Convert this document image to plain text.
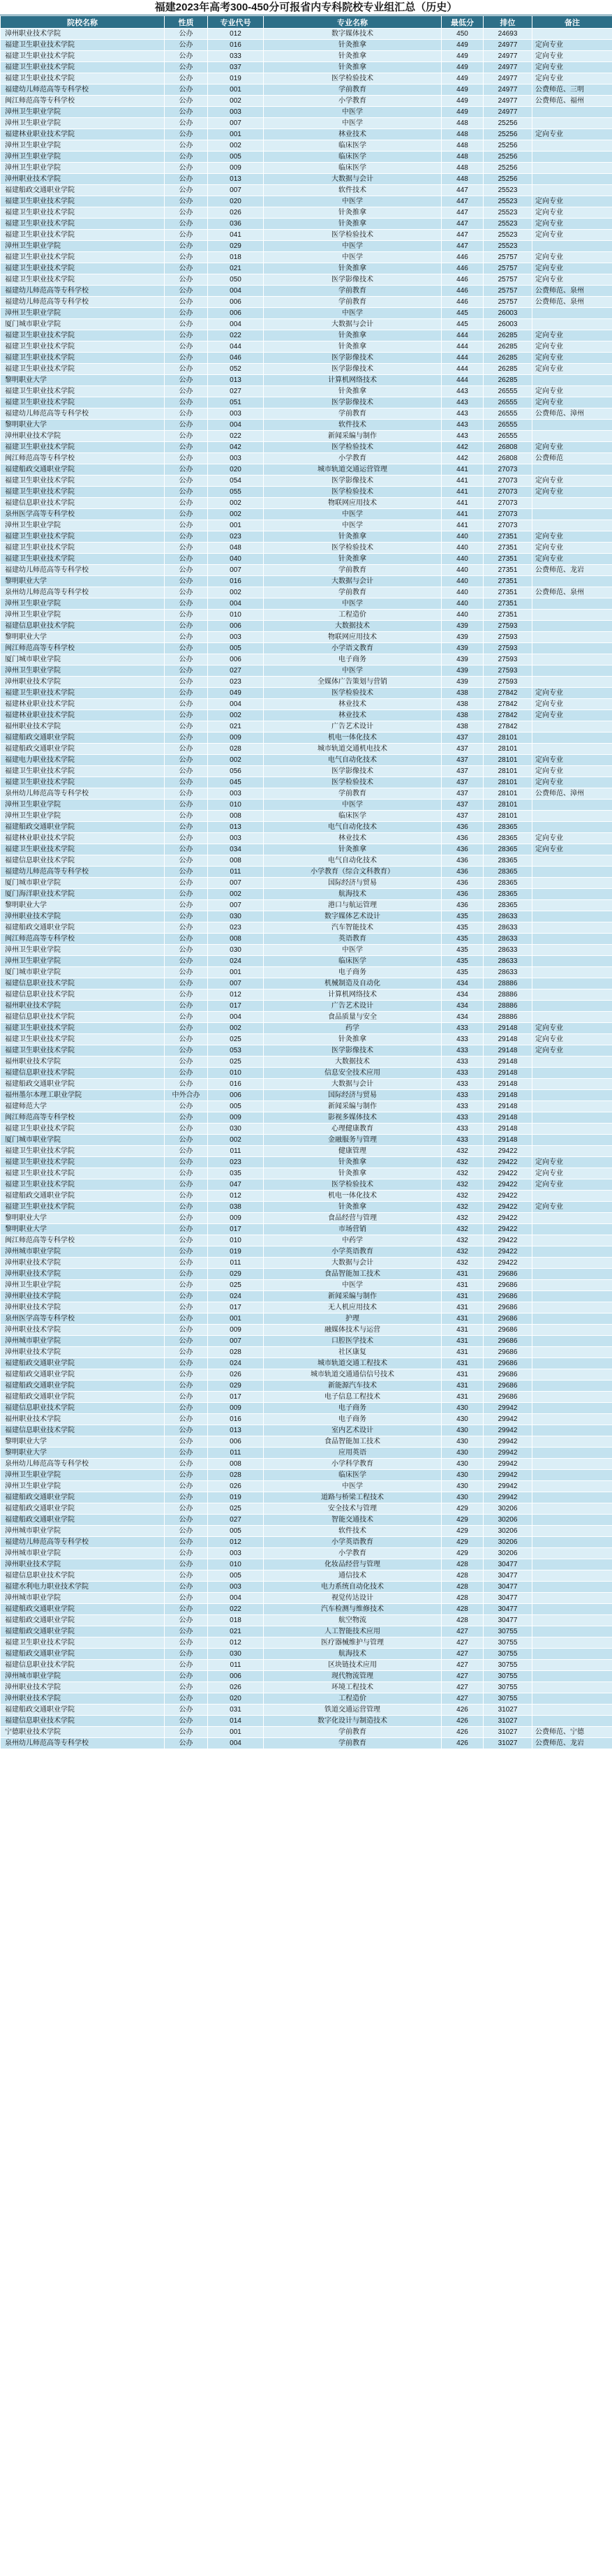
福建2023年高考300-450分可报省内专科院校专业组汇总（历史）
院校名称	性质	专业代号	专业名称	最低分	排位	备注
漳州职业技术学院	公办	012	数字媒体技术	450	24693	
福建卫生职业技术学院	公办	016	针灸推拿	449	24977	定向专业
福建卫生职业技术学院	公办	033	针灸推拿	449	24977	定向专业
福建卫生职业技术学院	公办	037	针灸推拿	449	24977	定向专业
福建卫生职业技术学院	公办	019	医学检验技术	449	24977	定向专业
福建幼儿师范高等专科学校	公办	001	学前教育	449	24977	公费师范、三明
闽江师范高等专科学校	公办	002	小学教育	449	24977	公费师范、福州
漳州卫生职业学院	公办	003	中医学	449	24977	
漳州卫生职业学院	公办	007	中医学	448	25256	
福建林业职业技术学院	公办	001	林业技术	448	25256	定向专业
漳州卫生职业学院	公办	002	临床医学	448	25256	
漳州卫生职业学院	公办	005	临床医学	448	25256	
漳州卫生职业学院	公办	009	临床医学	448	25256	
漳州职业技术学院	公办	013	大数据与会计	448	25256	
福建船政交通职业学院	公办	007	软件技术	447	25523	
福建卫生职业技术学院	公办	020	中医学	447	25523	定向专业
福建卫生职业技术学院	公办	026	针灸推拿	447	25523	定向专业
福建卫生职业技术学院	公办	036	针灸推拿	447	25523	定向专业
福建卫生职业技术学院	公办	041	医学检验技术	447	25523	定向专业
漳州卫生职业学院	公办	029	中医学	447	25523	
福建卫生职业技术学院	公办	018	中医学	446	25757	定向专业
福建卫生职业技术学院	公办	021	针灸推拿	446	25757	定向专业
福建卫生职业技术学院	公办	050	医学影像技术	446	25757	定向专业
福建幼儿师范高等专科学校	公办	004	学前教育	446	25757	公费师范、泉州
福建幼儿师范高等专科学校	公办	006	学前教育	446	25757	公费师范、泉州
漳州卫生职业学院	公办	006	中医学	445	26003	
厦门城市职业学院	公办	004	大数据与会计	445	26003	
福建卫生职业技术学院	公办	022	针灸推拿	444	26285	定向专业
福建卫生职业技术学院	公办	044	针灸推拿	444	26285	定向专业
福建卫生职业技术学院	公办	046	医学影像技术	444	26285	定向专业
福建卫生职业技术学院	公办	052	医学影像技术	444	26285	定向专业
黎明职业大学	公办	013	计算机网络技术	444	26285	
福建卫生职业技术学院	公办	027	针灸推拿	443	26555	定向专业
福建卫生职业技术学院	公办	051	医学影像技术	443	26555	定向专业
福建幼儿师范高等专科学校	公办	003	学前教育	443	26555	公费师范、漳州
黎明职业大学	公办	004	软件技术	443	26555	
漳州职业技术学院	公办	022	新闻采编与制作	443	26555	
福建卫生职业技术学院	公办	042	医学检验技术	442	26808	定向专业
闽江师范高等专科学校	公办	003	小学教育	442	26808	公费师范
福建船政交通职业学院	公办	020	城市轨道交通运营管理	441	27073	
福建卫生职业技术学院	公办	054	医学影像技术	441	27073	定向专业
福建卫生职业技术学院	公办	055	医学检验技术	441	27073	定向专业
福建信息职业技术学院	公办	002	物联网应用技术	441	27073	
泉州医学高等专科学校	公办	002	中医学	441	27073	
漳州卫生职业学院	公办	001	中医学	441	27073	
福建卫生职业技术学院	公办	023	针灸推拿	440	27351	定向专业
福建卫生职业技术学院	公办	048	医学检验技术	440	27351	定向专业
福建卫生职业技术学院	公办	040	针灸推拿	440	27351	定向专业
福建幼儿师范高等专科学校	公办	007	学前教育	440	27351	公费师范、龙岩
黎明职业大学	公办	016	大数据与会计	440	27351	
泉州幼儿师范高等专科学校	公办	002	学前教育	440	27351	公费师范、泉州
漳州卫生职业学院	公办	004	中医学	440	27351	
漳州卫生职业学院	公办	010	工程造价	440	27351	
福建信息职业技术学院	公办	006	大数据技术	439	27593	
黎明职业大学	公办	003	物联网应用技术	439	27593	
闽江师范高等专科学校	公办	005	小学语文教育	439	27593	
厦门城市职业学院	公办	006	电子商务	439	27593	
漳州卫生职业学院	公办	027	中医学	439	27593	
漳州职业技术学院	公办	023	全媒体广告策划与营销	439	27593	
福建卫生职业技术学院	公办	049	医学检验技术	438	27842	定向专业
福建林业职业技术学院	公办	004	林业技术	438	27842	定向专业
福建林业职业技术学院	公办	002	林业技术	438	27842	定向专业
福州职业技术学院	公办	021	广告艺术设计	438	27842	
福建船政交通职业学院	公办	009	机电一体化技术	437	28101	
福建船政交通职业学院	公办	028	城市轨道交通机电技术	437	28101	
福建电力职业技术学院	公办	002	电气自动化技术	437	28101	定向专业
福建卫生职业技术学院	公办	056	医学影像技术	437	28101	定向专业
福建卫生职业技术学院	公办	045	医学检验技术	437	28101	定向专业
泉州幼儿师范高等专科学校	公办	003	学前教育	437	28101	公费师范、漳州
漳州卫生职业学院	公办	010	中医学	437	28101	
漳州卫生职业学院	公办	008	临床医学	437	28101	
福建船政交通职业学院	公办	013	电气自动化技术	436	28365	
福建林业职业技术学院	公办	003	林业技术	436	28365	定向专业
福建卫生职业技术学院	公办	034	针灸推拿	436	28365	定向专业
福建信息职业技术学院	公办	008	电气自动化技术	436	28365	
福建幼儿师范高等专科学校	公办	011	小学教育（综合文科教育）	436	28365	
厦门城市职业学院	公办	007	国际经济与贸易	436	28365	
厦门海洋职业技术学院	公办	002	航海技术	436	28365	
黎明职业大学	公办	007	港口与航运管理	436	28365	
漳州职业技术学院	公办	030	数字媒体艺术设计	435	28633	
福建船政交通职业学院	公办	023	汽车智能技术	435	28633	
闽江师范高等专科学校	公办	008	英语教育	435	28633	
漳州卫生职业学院	公办	030	中医学	435	28633	
漳州卫生职业学院	公办	024	临床医学	435	28633	
厦门城市职业学院	公办	001	电子商务	435	28633	
福建信息职业技术学院	公办	007	机械制造及自动化	434	28886	
福建信息职业技术学院	公办	012	计算机网络技术	434	28886	
福州职业技术学院	公办	017	广告艺术设计	434	28886	
福建信息职业技术学院	公办	004	食品质量与安全	434	28886	
福建卫生职业技术学院	公办	002	药学	433	29148	定向专业
福建卫生职业技术学院	公办	025	针灸推拿	433	29148	定向专业
福建卫生职业技术学院	公办	053	医学影像技术	433	29148	定向专业
福州职业技术学院	公办	025	大数据技术	433	29148	
福建信息职业技术学院	公办	010	信息安全技术应用	433	29148	
福建船政交通职业学院	公办	016	大数据与会计	433	29148	
福州墨尔本理工职业学院	中外合办	006	国际经济与贸易	433	29148	
福建师范大学	公办	005	新闻采编与制作	433	29148	
闽江师范高等专科学校	公办	009	影视多媒体技术	433	29148	
福建卫生职业技术学院	公办	030	心理健康教育	433	29148	
厦门城市职业学院	公办	002	金融服务与管理	433	29148	
福建卫生职业技术学院	公办	011	健康管理	432	29422	
福建卫生职业技术学院	公办	023	针灸推拿	432	29422	定向专业
福建卫生职业技术学院	公办	035	针灸推拿	432	29422	定向专业
福建卫生职业技术学院	公办	047	医学检验技术	432	29422	定向专业
福建船政交通职业学院	公办	012	机电一体化技术	432	29422	
福建卫生职业技术学院	公办	038	针灸推拿	432	29422	定向专业
黎明职业大学	公办	009	食品经营与管理	432	29422	
黎明职业大学	公办	017	市场营销	432	29422	
闽江师范高等专科学校	公办	010	中药学	432	29422	
漳州城市职业学院	公办	019	小学英语教育	432	29422	
漳州职业技术学院	公办	011	大数据与会计	432	29422	
漳州职业技术学院	公办	029	食品智能加工技术	431	29686	
漳州卫生职业学院	公办	025	中医学	431	29686	
漳州职业技术学院	公办	024	新闻采编与制作	431	29686	
漳州职业技术学院	公办	017	无人机应用技术	431	29686	
泉州医学高等专科学校	公办	001	护理	431	29686	
漳州职业技术学院	公办	009	融媒体技术与运营	431	29686	
漳州城市职业学院	公办	007	口腔医学技术	431	29686	
漳州职业技术学院	公办	028	社区康复	431	29686	
福建船政交通职业学院	公办	024	城市轨道交通工程技术	431	29686	
福建船政交通职业学院	公办	026	城市轨道交通通信信号技术	431	29686	
福建船政交通职业学院	公办	029	新能源汽车技术	431	29686	
福建船政交通职业学院	公办	017	电子信息工程技术	431	29686	
福建信息职业技术学院	公办	009	电子商务	430	29942	
福州职业技术学院	公办	016	电子商务	430	29942	
福建信息职业技术学院	公办	013	室内艺术设计	430	29942	
黎明职业大学	公办	006	食品智能加工技术	430	29942	
黎明职业大学	公办	011	应用英语	430	29942	
泉州幼儿师范高等专科学校	公办	008	小学科学教育	430	29942	
漳州卫生职业学院	公办	028	临床医学	430	29942	
漳州卫生职业学院	公办	026	中医学	430	29942	
福建船政交通职业学院	公办	019	道路与桥梁工程技术	430	29942	
福建船政交通职业学院	公办	025	安全技术与管理	429	30206	
福建船政交通职业学院	公办	027	智能交通技术	429	30206	
漳州城市职业学院	公办	005	软件技术	429	30206	
福建幼儿师范高等专科学校	公办	012	小学英语教育	429	30206	
漳州城市职业学院	公办	003	小学教育	429	30206	
漳州职业技术学院	公办	010	化妆品经营与管理	428	30477	
福建信息职业技术学院	公办	005	通信技术	428	30477	
福建水利电力职业技术学院	公办	003	电力系统自动化技术	428	30477	
漳州城市职业学院	公办	004	视觉传达设计	428	30477	
福建船政交通职业学院	公办	022	汽车检测与维修技术	428	30477	
福建船政交通职业学院	公办	018	航空物流	428	30477	
福建船政交通职业学院	公办	021	人工智能技术应用	427	30755	
福建卫生职业技术学院	公办	012	医疗器械维护与管理	427	30755	
福建船政交通职业学院	公办	030	航海技术	427	30755	
福建信息职业技术学院	公办	011	区块链技术应用	427	30755	
漳州城市职业学院	公办	006	现代物流管理	427	30755	
漳州职业技术学院	公办	026	环境工程技术	427	30755	
漳州职业技术学院	公办	020	工程造价	427	30755	
福建船政交通职业学院	公办	031	铁道交通运营管理	426	31027	
福建信息职业技术学院	公办	014	数字化设计与制造技术	426	31027	
宁德职业技术学院	公办	001	学前教育	426	31027	公费师范、宁德
泉州幼儿师范高等专科学校	公办	004	学前教育	426	31027	公费师范、龙岩
